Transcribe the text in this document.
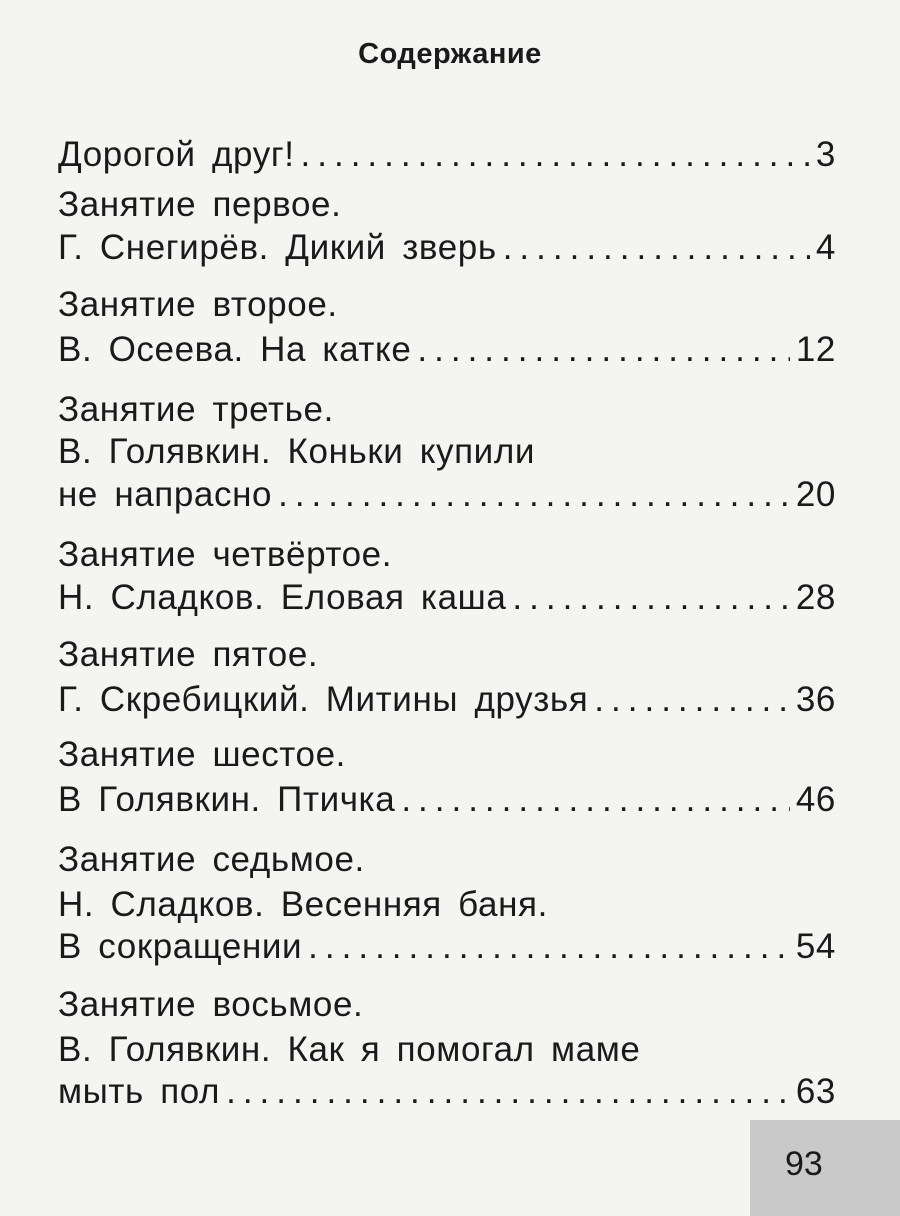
Содержание
Дорогой друг! .....	3
Занятие первое.
Г. Снегирёв. Дикий зверь .....	4
Занятие второе.
В. Осеева. На катке .....	12
Занятие третье.
В. Голявкин. Коньки купили
не напрасно .....	20
Занятие четвёртое.
Н. Сладков. Еловая каша .....	28
Занятие пятое.
Г. Скребицкий. Митины друзья .....	36
Занятие шестое.
В Голявкин. Птичка .....	46
Занятие седьмое.
Н. Сладков. Весенняя баня.
В сокращении .....	54
Занятие восьмое.
В. Голявкин. Как я помогал маме
мыть пол .....	63
93
